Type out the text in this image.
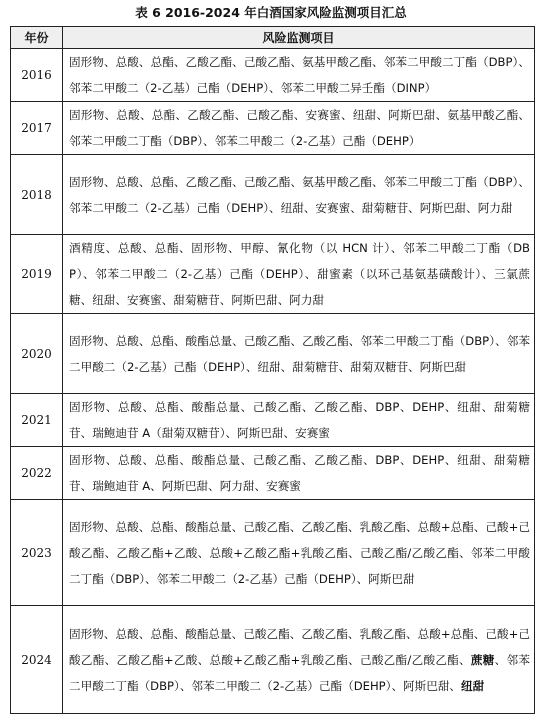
表 6 2016-2024 年白酒国家风险监测项目汇总
年份	风险监测项目
2016	固形物、总酸、总酯、乙酸乙酯、己酸乙酯、氨基甲酸乙酯、邻苯二甲酸二丁酯（DBP）、邻苯二甲酸二（2-乙基）己酯（DEHP）、邻苯二甲酸二异壬酯（DINP）
2017	固形物、总酸、总酯、乙酸乙酯、己酸乙酯、安赛蜜、纽甜、阿斯巴甜、氨基甲酸乙酯、邻苯二甲酸二丁酯（DBP）、邻苯二甲酸二（2-乙基）己酯（DEHP）
2018	固形物、总酸、总酯、乙酸乙酯、己酸乙酯、氨基甲酸乙酯、邻苯二甲酸二丁酯（DBP）、邻苯二甲酸二（2-乙基）己酯（DEHP）、纽甜、安赛蜜、甜菊糖苷、阿斯巴甜、阿力甜
2019	酒精度、总酸、总酯、固形物、甲醇、氰化物（以 HCN 计）、邻苯二甲酸二丁酯（DBP）、邻苯二甲酸二（2-乙基）己酯（DEHP）、甜蜜素（以环己基氨基磺酸计）、三氯蔗糖、纽甜、安赛蜜、甜菊糖苷、阿斯巴甜、阿力甜
2020	固形物、总酸、总酯、酸酯总量、己酸乙酯、乙酸乙酯、邻苯二甲酸二丁酯（DBP）、邻苯二甲酸二（2-乙基）己酯（DEHP）、纽甜、甜菊糖苷、甜菊双糖苷、阿斯巴甜
2021	固形物、总酸、总酯、酸酯总量、己酸乙酯、乙酸乙酯、DBP、DEHP、纽甜、甜菊糖苷、瑞鲍迪苷 A（甜菊双糖苷）、阿斯巴甜、安赛蜜
2022	固形物、总酸、总酯、酸酯总量、己酸乙酯、乙酸乙酯、DBP、DEHP、纽甜、甜菊糖苷、瑞鲍迪苷 A、阿斯巴甜、阿力甜、安赛蜜
2023	固形物、总酸、总酯、酸酯总量、己酸乙酯、乙酸乙酯、乳酸乙酯、总酸+总酯、己酸+己酸乙酯、乙酸乙酯+乙酸、总酸+乙酸乙酯+乳酸乙酯、己酸乙酯/乙酸乙酯、邻苯二甲酸二丁酯（DBP）、邻苯二甲酸二（2-乙基）己酯（DEHP）、阿斯巴甜
2024	固形物、总酸、总酯、酸酯总量、己酸乙酯、乙酸乙酯、乳酸乙酯、总酸+总酯、己酸+己酸乙酯、乙酸乙酯+乙酸、总酸+乙酸乙酯+乳酸乙酯、己酸乙酯/乙酸乙酯、蔗糖、邻苯二甲酸二丁酯（DBP）、邻苯二甲酸二（2-乙基）己酯（DEHP）、阿斯巴甜、纽甜
